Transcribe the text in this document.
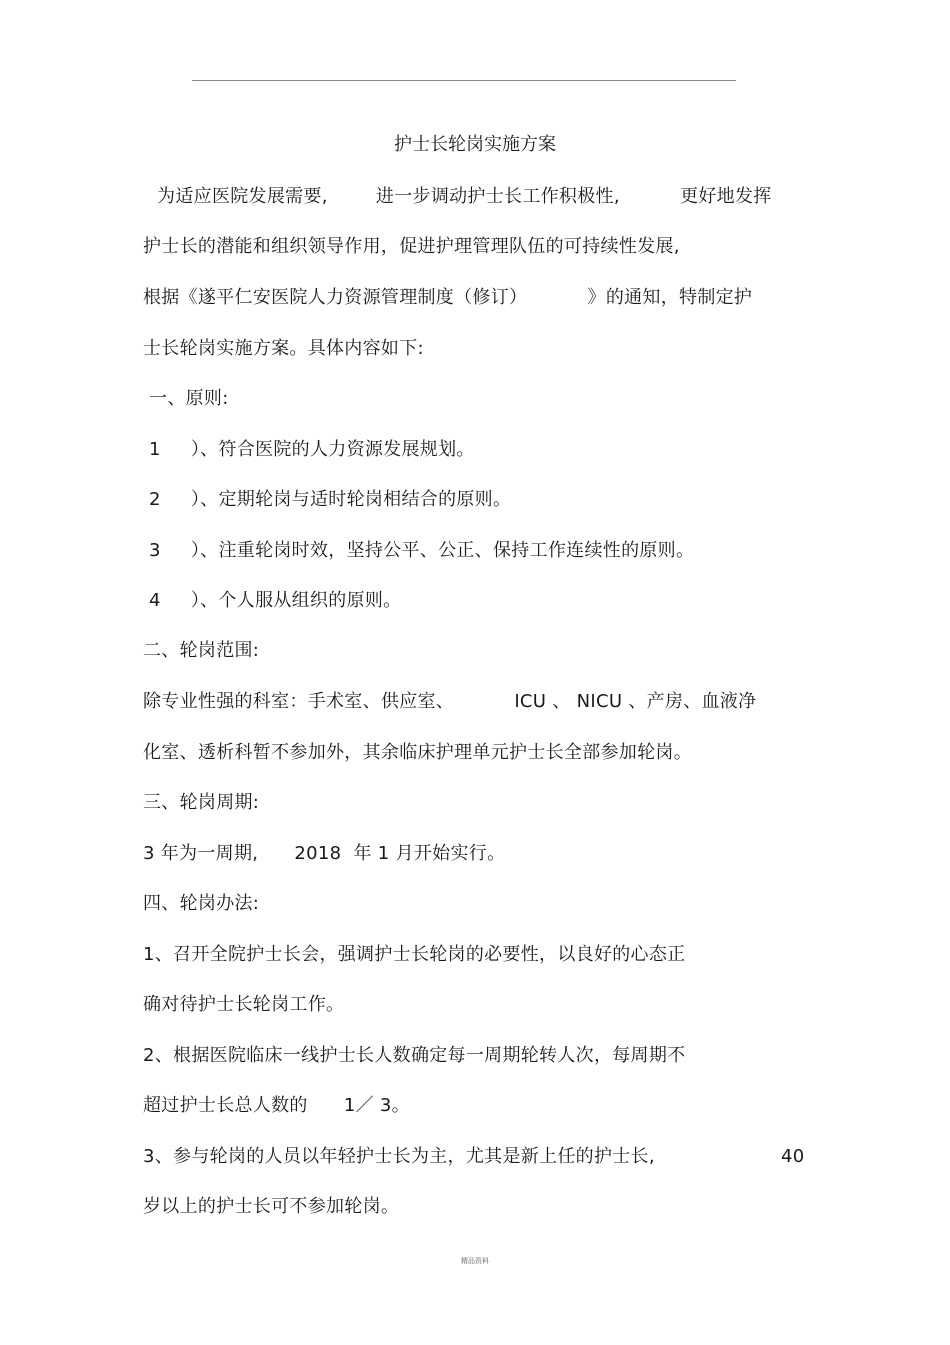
护士长轮岗实施方案
为适应医院发展需要,        进一步调动护士长工作积极性,          更好地发挥
护士长的潜能和组织领导作用，促进护理管理队伍的可持续性发展,
根据《遂平仁安医院人力资源管理制度（修订）          》的通知，特制定护
士长轮岗实施方案。具体内容如下:
一、原则:
1     ）、符合医院的人力资源发展规划。
2     ）、定期轮岗与适时轮岗相结合的原则。
3     ）、注重轮岗时效，坚持公平、公正、保持工作连续性的原则。
4     ）、个人服从组织的原则。
二、轮岗范围:
除专业性强的科室：手术室、供应室、          ICU 、 NICU 、产房、血液净
化室、透析科暂不参加外，其余临床护理单元护士长全部参加轮岗。
三、轮岗周期:
3 年为一周期,      2018  年 1 月开始实行。
四、轮岗办法:
1、召开全院护士长会，强调护士长轮岗的必要性，以良好的心态正
确对待护士长轮岗工作。
2、根据医院临床一线护士长人数确定每一周期轮转人次，每周期不
超过护士长总人数的      1／ 3。
3、参与轮岗的人员以年轻护士长为主，尤其是新上任的护士长,	40
岁以上的护士长可不参加轮岗。
精品资料
